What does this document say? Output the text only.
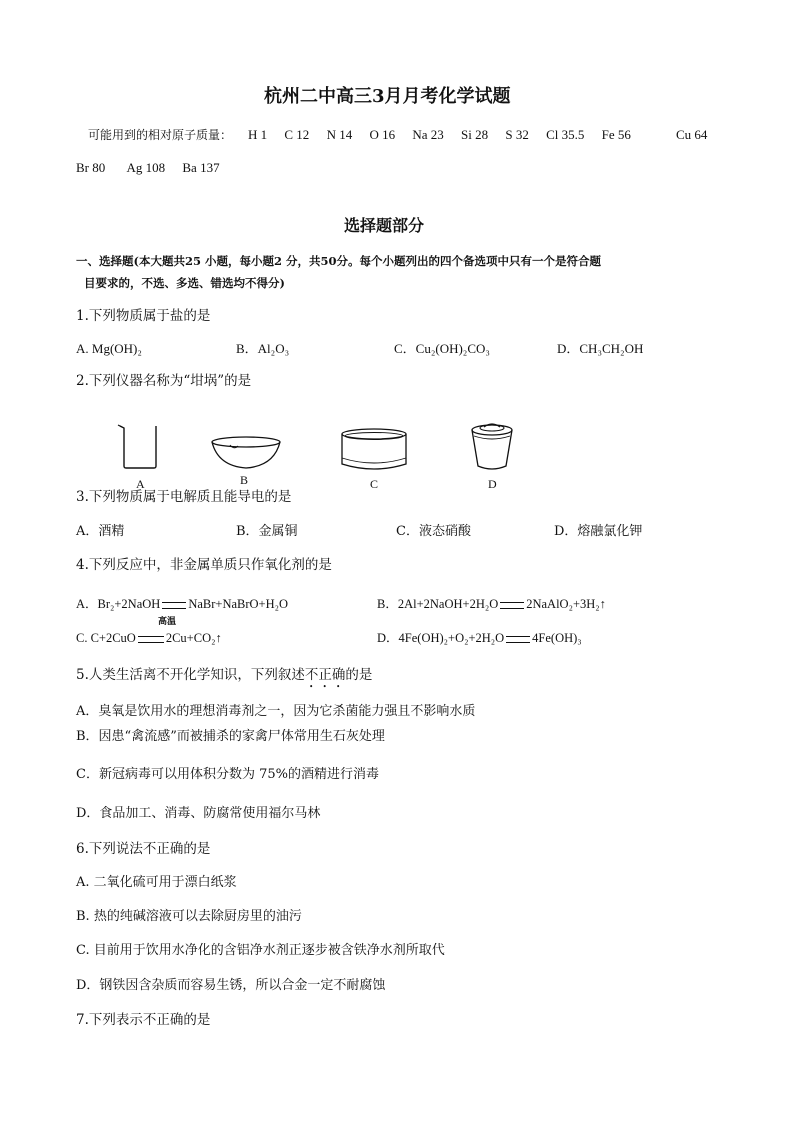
杭州二中高三3月月考化学试题
可能用到的相对原子质量： H 1 C 12 N 14 O 16 Na 23 Si 28 S 32 Cl 35.5 Fe 56	Cu 64
Br 80 Ag 108 Ba 137
选择题部分
一、选择题(本大题共25 小题，每小题2 分，共50分。每个小题列出的四个备选项中只有一个是符合题
目要求的，不选、多选、错选均不得分)
1.下列物质属于盐的是
A. Mg(OH)₂	B．Al₂O₃	C．Cu₂(OH)₂CO₃	D．CH₃CH₂OH
2.下列仪器名称为“坩埚”的是
A	B	C	D
3.下列物质属于电解质且能导电的是
A．酒精	B．金属铜	C．液态硝酸	D．熔融氯化钾
4.下列反应中，非金属单质只作氧化剂的是
A．Br₂+2NaOH NaBr+NaBrO+H₂O	B．2Al+2NaOH+2H₂O 2NaAlO₂+3H₂↑
高温
C. C+2CuO 2Cu+CO₂↑	D．4Fe(OH)₂+O₂+2H₂O 4Fe(OH)₃
5.人类生活离不开化学知识，下列叙述不正确的是
A．臭氧是饮用水的理想消毒剂之一，因为它杀菌能力强且不影响水质
B．因患“禽流感”而被捕杀的家禽尸体常用生石灰处理
C．新冠病毒可以用体积分数为 75%的酒精进行消毒
D．食品加工、消毒、防腐常使用福尔马林
6.下列说法不正确的是
A. 二氧化硫可用于漂白纸浆
B. 热的纯碱溶液可以去除厨房里的油污
C. 目前用于饮用水净化的含铝净水剂正逐步被含铁净水剂所取代
D．钢铁因含杂质而容易生锈，所以合金一定不耐腐蚀
7.下列表示不正确的是
